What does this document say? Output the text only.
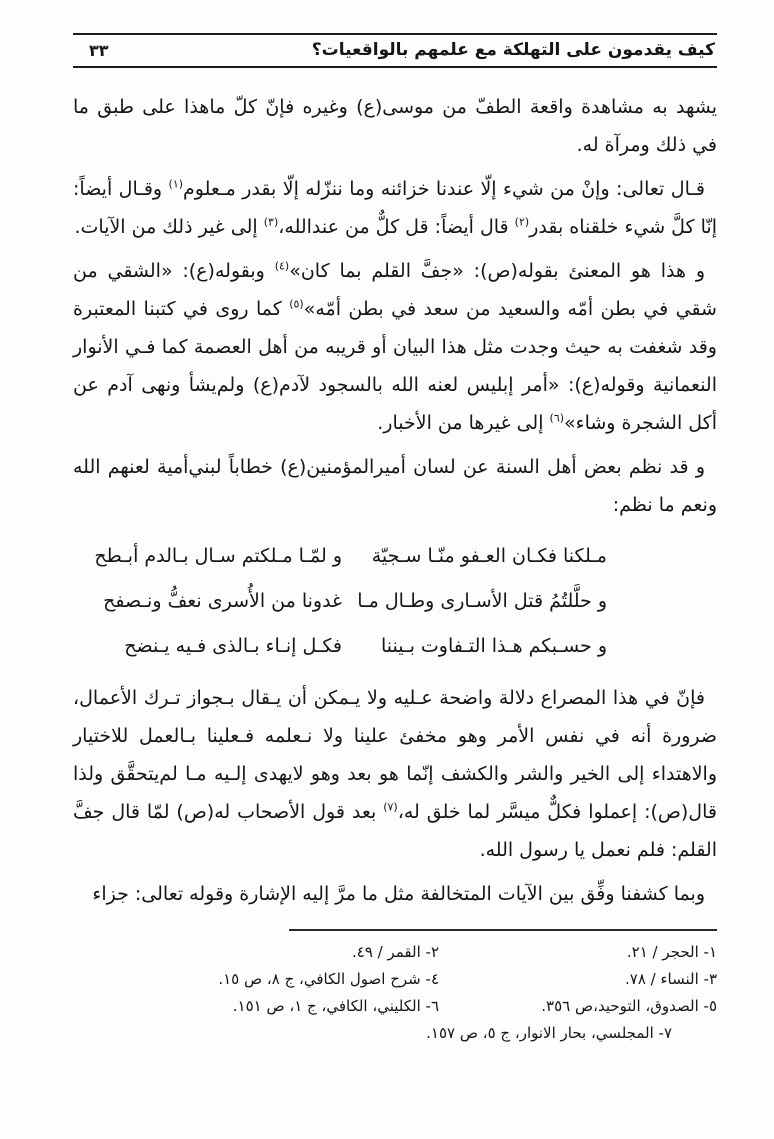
كيف يقدمون على التهلكة مع علمهم بالواقعيات؟
٣٣

يشهد به مشاهدة واقعة الطفّ من موسى(ع) وغيره فإنّ كلّ ماهذا على طبق ما في ذلك ومرآة له.

قـال تعالى: وإنْ من شيء إلّا عندنا خزائنه وما ننزّله إلّا بقدر مـعلوم$^{(١)}$ وقـال أيضاً: إنّا كلَّ شيء خلقناه بقدر$^{(٢)}$ قال أيضاً: قل كلٌّ من عندالله،$^{(٣)}$ إلى غير ذلك من الآيات.

و هذا هو المعنئ بقوله(ص): «جفَّ القلم بما كان»$^{(٤)}$ وبقوله(ع): «الشقي من شقي في بطن أمّه والسعيد من سعد في بطن أمّه»$^{(٥)}$ كما روى في كتبنا المعتبرة وقد شغفت به حيث وجدت مثل هذا البيان أو قريبه من أهل العصمة كما فـي الأنوار النعمانية وقوله(ع): «أمر إبليس لعنه الله بالسجود لآدم(ع) ولم‌يشأ ونهى آدم عن أكل الشجرة وشاء»$^{(٦)}$ إلى غيرها من الأخبار.

و قد نظم بعض أهل السنة عن لسان أميرالمؤمنين(ع) خطاباً لبني‌أمية لعنهم الله ونعم ما نظم:

مـلكنا فكـان العـفو منّـا سـجيّة
و لمّـا مـلكتم سـال بـالدم أبـطح
و حلَّلتُمُ قتل الأسـارى وطـال مـا
غدونا من الأُسرى نعفُّ ونـصفح
و حسـبكم هـذا التـفاوت بـيننا
فكـل إنـاء بـالذى فـيه يـنضح

فإنّ في هذا المصراع دلالة واضحة عـليه ولا يـمكن أن يـقال بـجواز تـرك الأعمال، ضرورة أنه في نفس الأمر وهو مخفئ علينا ولا نـعلمه فـعلينا بـالعمل للاختيار والاهتداء إلى الخير والشر والكشف إنّما هو بعد وهو لايهدى إلـيه مـا لم‌يتحقَّق ولذا قال(ص): إعملوا فكلٌّ ميسَّر لما خلق له،$^{(٧)}$ بعد قول الأصحاب له(ص) لمّا قال جفَّ القلم: فلم نعمل يا رسول الله.

وبما كشفنا وفِّق بين الآيات المتخالفة مثل ما مرَّ إليه الإشارة وقوله تعالى: جزاء

١- الحجر / ٢١.
٢- القمر / ٤٩.
٣- النساء / ٧٨.
٤- شرح اصول الكافي، ج ٨، ص ١٥.
٥- الصدوق، التوحيد،ص ٣٥٦.
٦- الكليني، الكافي، ج ١، ص ١٥١.
٧- المجلسي، بحار الانوار، ج ٥، ص ١٥٧.
